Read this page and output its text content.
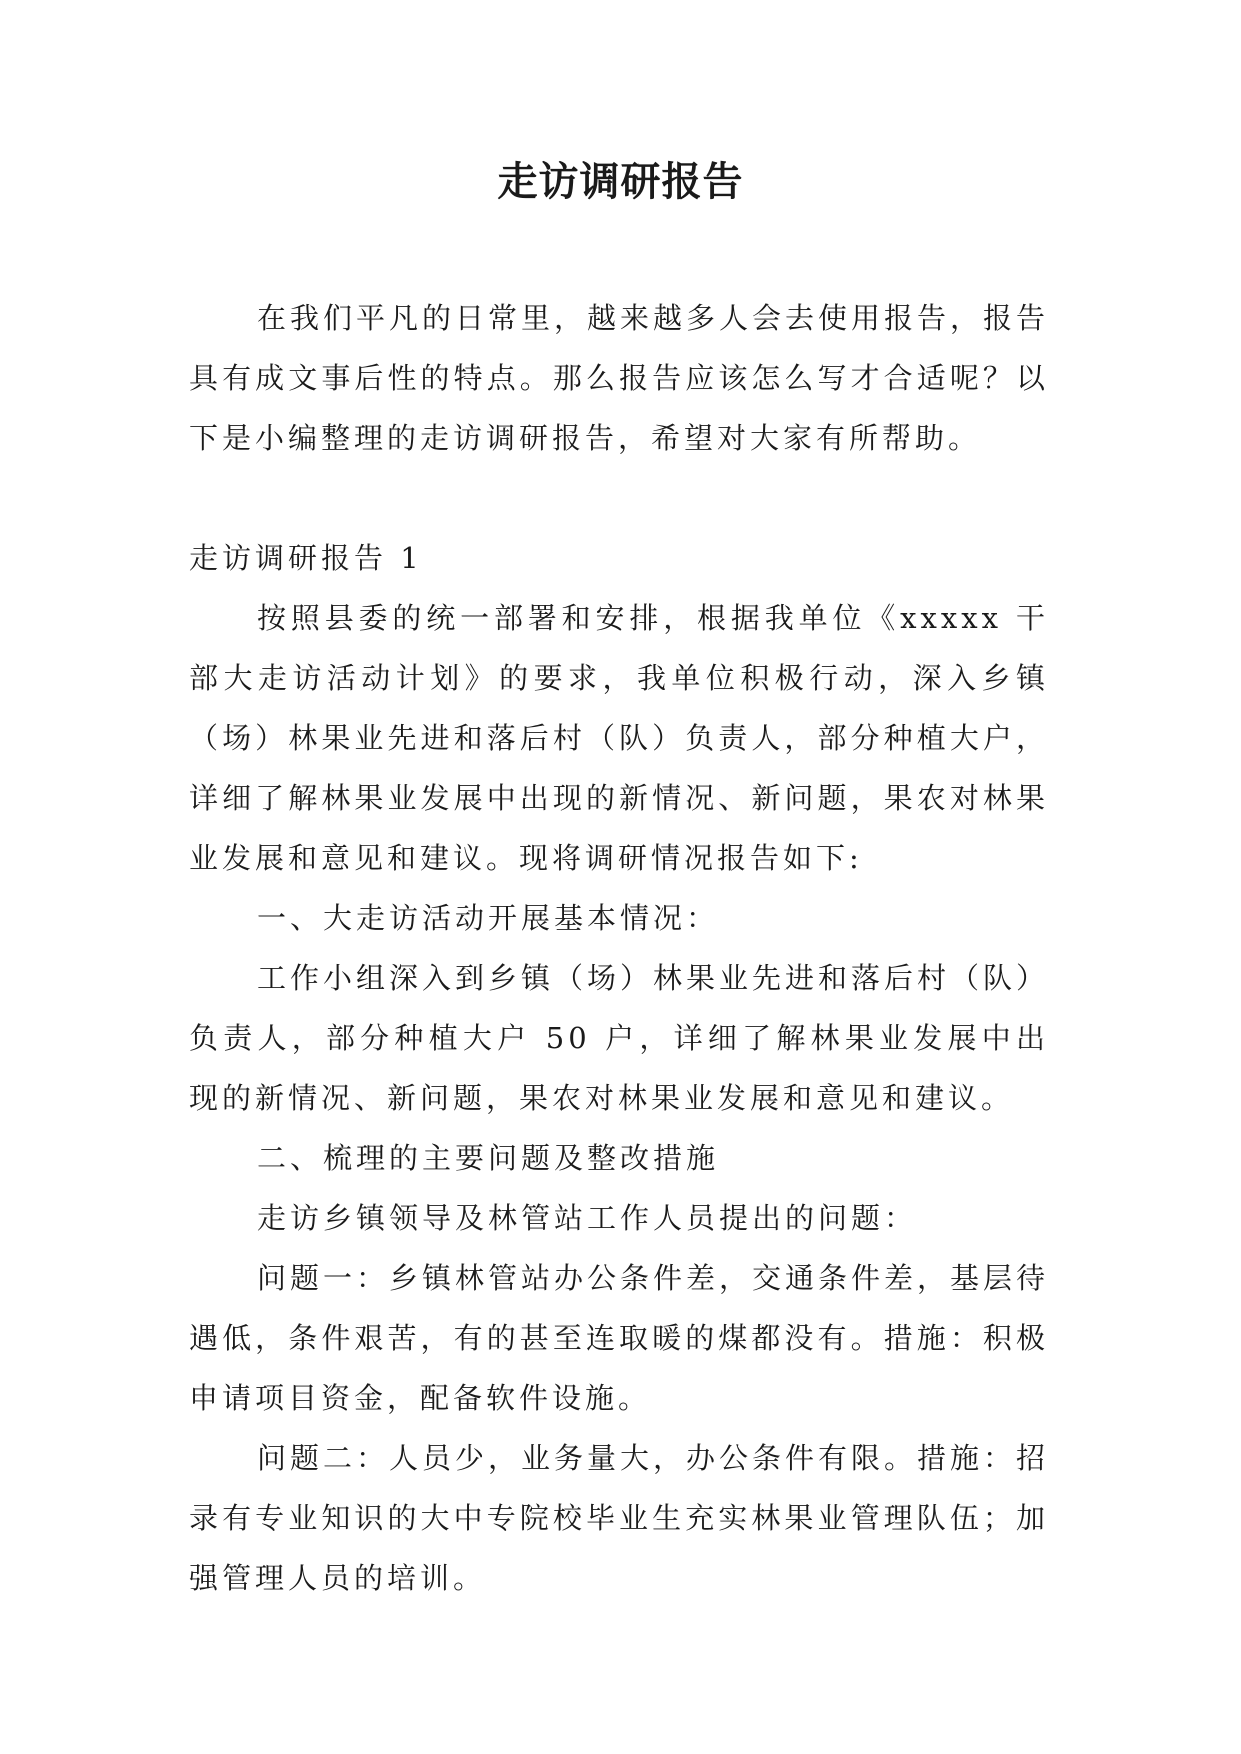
走访调研报告

在我们平凡的日常里，越来越多人会去使用报告，报告具有成文事后性的特点。那么报告应该怎么写才合适呢？以下是小编整理的走访调研报告，希望对大家有所帮助。

走访调研报告 1

按照县委的统一部署和安排，根据我单位《xxxxx 干部大走访活动计划》的要求，我单位积极行动，深入乡镇（场）林果业先进和落后村（队）负责人，部分种植大户，详细了解林果业发展中出现的新情况、新问题，果农对林果业发展和意见和建议。现将调研情况报告如下:

一、大走访活动开展基本情况：

工作小组深入到乡镇（场）林果业先进和落后村（队）负责人，部分种植大户 50 户，详细了解林果业发展中出现的新情况、新问题，果农对林果业发展和意见和建议。

二、梳理的主要问题及整改措施

走访乡镇领导及林管站工作人员提出的问题：

问题一：乡镇林管站办公条件差，交通条件差，基层待遇低，条件艰苦，有的甚至连取暖的煤都没有。措施：积极申请项目资金，配备软件设施。

问题二：人员少，业务量大，办公条件有限。措施：招录有专业知识的大中专院校毕业生充实林果业管理队伍；加强管理人员的培训。
